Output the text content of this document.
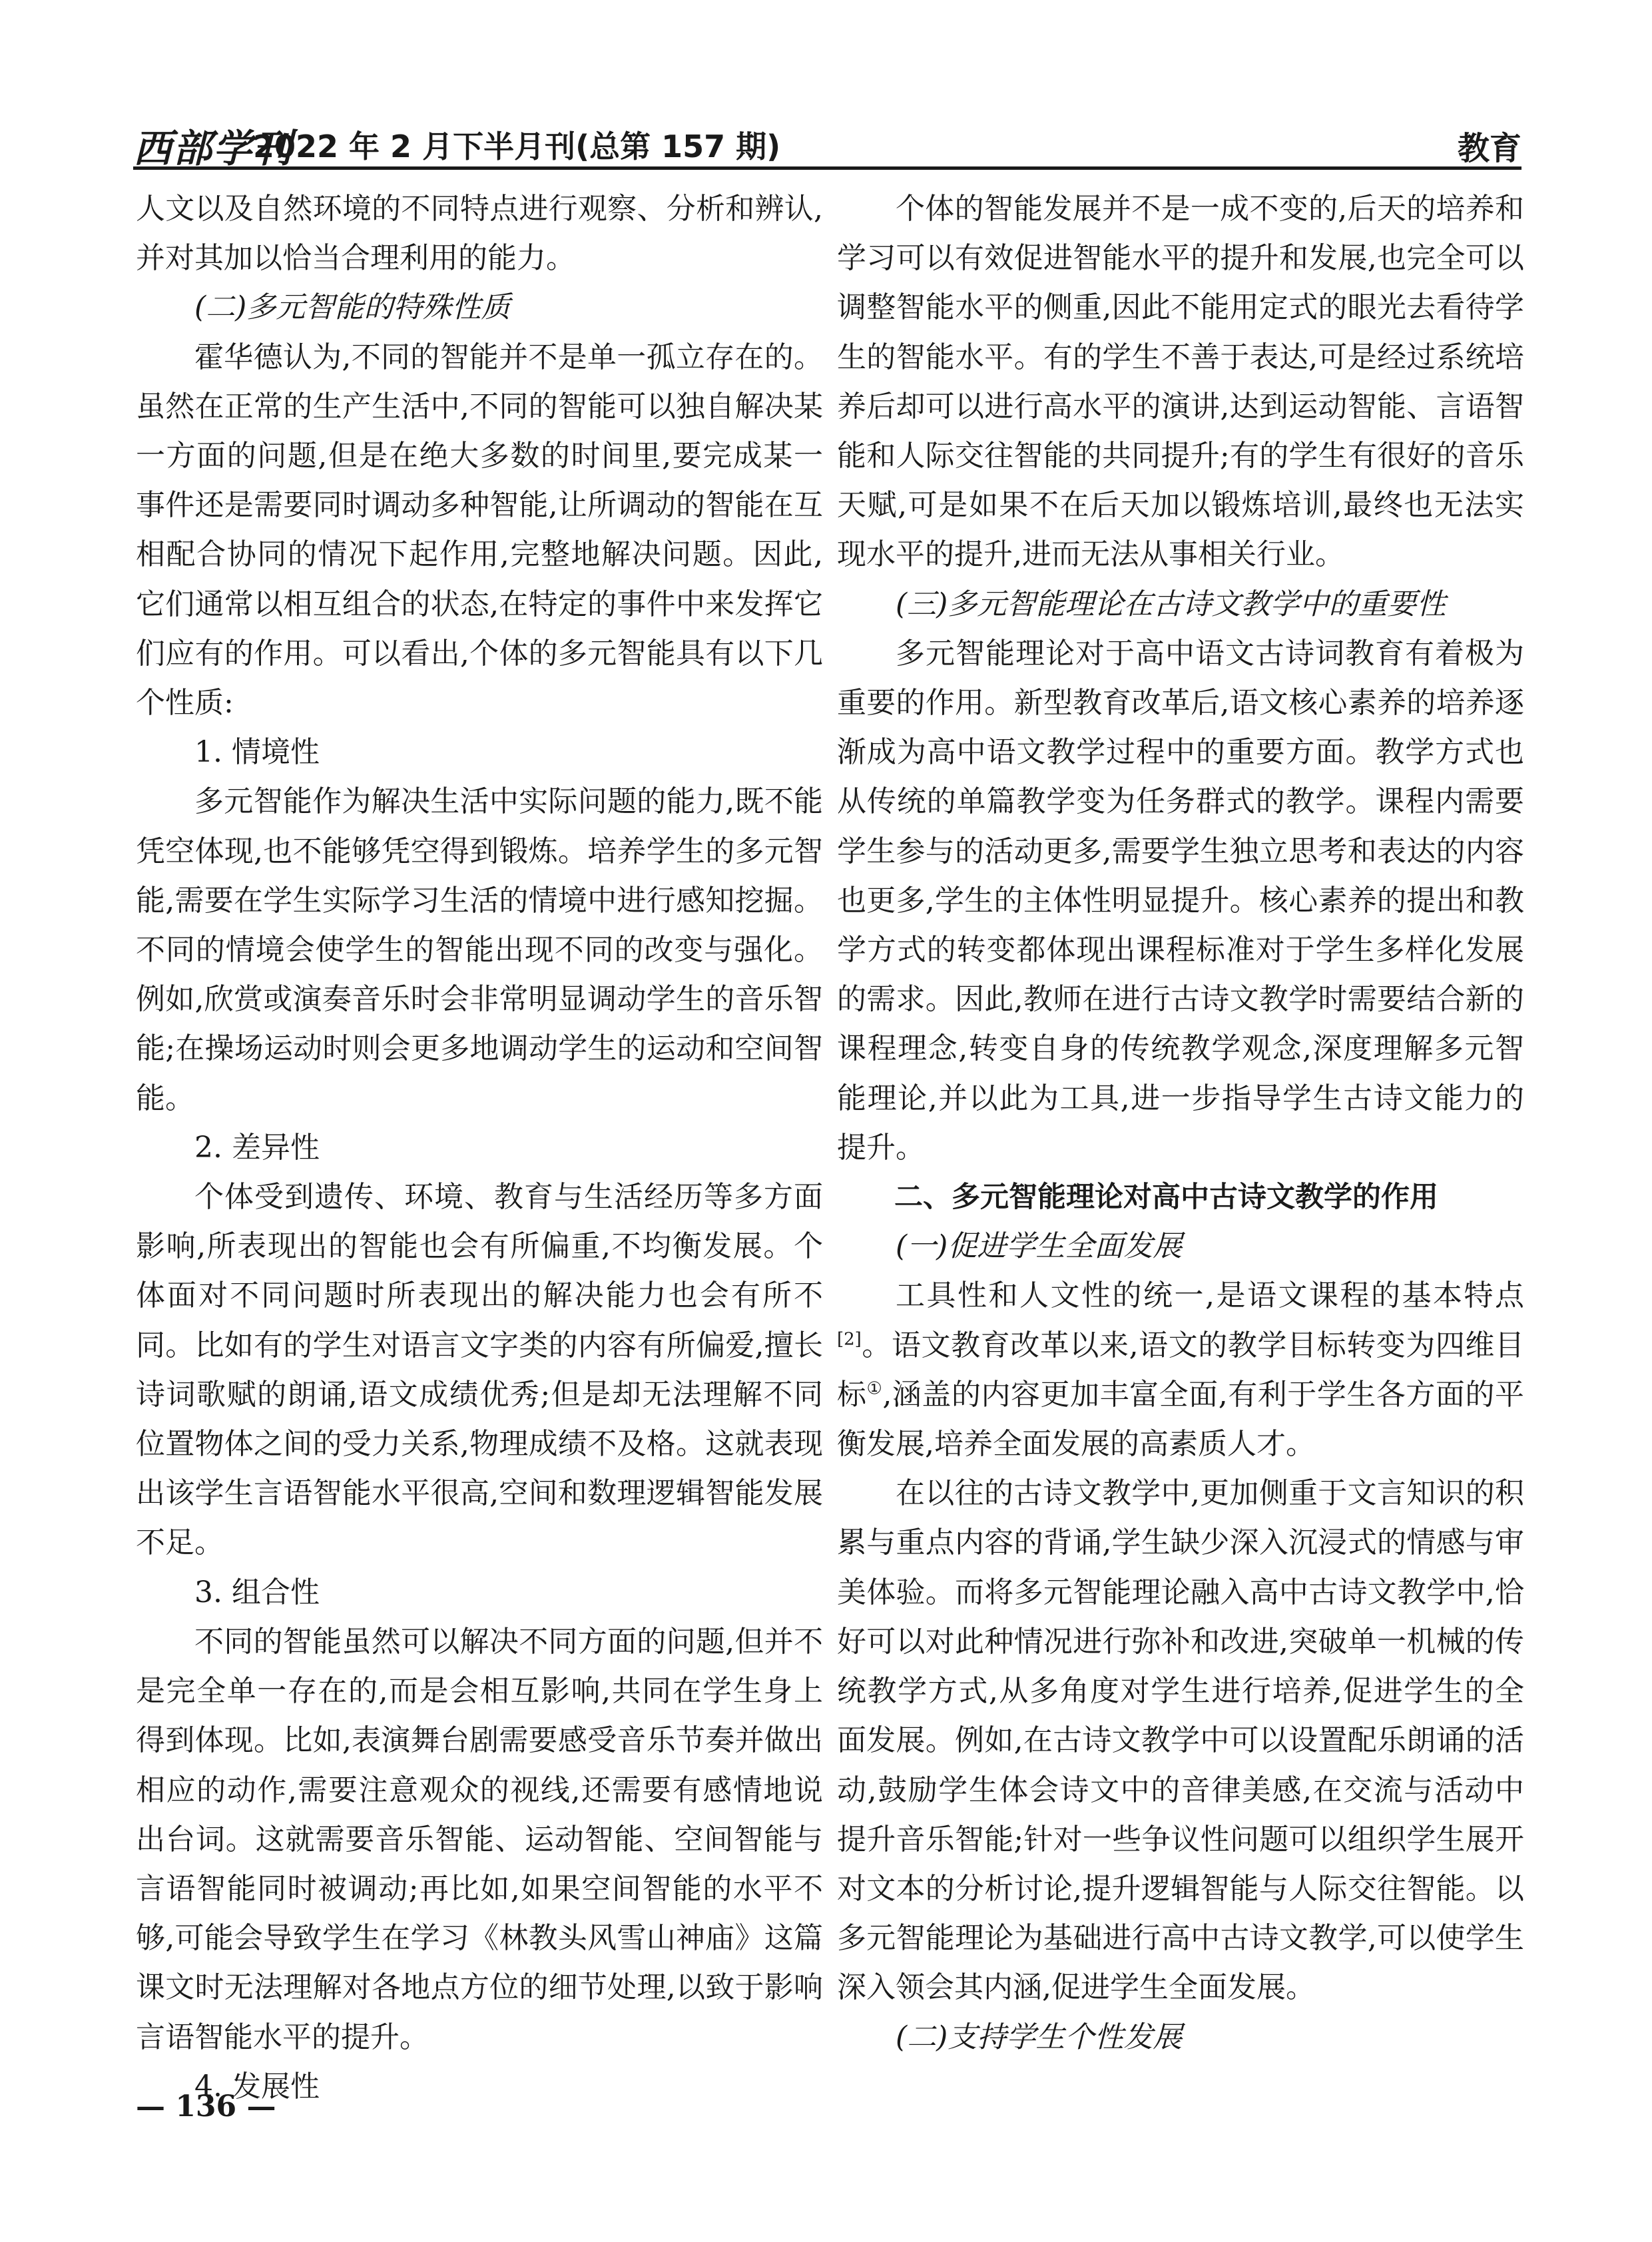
西部学刊
2022 年 2 月下半月刊(总第 157 期)	教育

人文以及自然环境的不同特点进行观察、分析和辨认,并对其加以恰当合理利用的能力。

(二)多元智能的特殊性质

霍华德认为,不同的智能并不是单一孤立存在的。虽然在正常的生产生活中,不同的智能可以独自解决某一方面的问题,但是在绝大多数的时间里,要完成某一事件还是需要同时调动多种智能,让所调动的智能在互相配合协同的情况下起作用,完整地解决问题。因此,它们通常以相互组合的状态,在特定的事件中来发挥它们应有的作用。可以看出,个体的多元智能具有以下几个性质:

1. 情境性

多元智能作为解决生活中实际问题的能力,既不能凭空体现,也不能够凭空得到锻炼。培养学生的多元智能,需要在学生实际学习生活的情境中进行感知挖掘。不同的情境会使学生的智能出现不同的改变与强化。例如,欣赏或演奏音乐时会非常明显调动学生的音乐智能;在操场运动时则会更多地调动学生的运动和空间智能。

2. 差异性

个体受到遗传、环境、教育与生活经历等多方面影响,所表现出的智能也会有所偏重,不均衡发展。个体面对不同问题时所表现出的解决能力也会有所不同。比如有的学生对语言文字类的内容有所偏爱,擅长诗词歌赋的朗诵,语文成绩优秀;但是却无法理解不同位置物体之间的受力关系,物理成绩不及格。这就表现出该学生言语智能水平很高,空间和数理逻辑智能发展不足。

3. 组合性

不同的智能虽然可以解决不同方面的问题,但并不是完全单一存在的,而是会相互影响,共同在学生身上得到体现。比如,表演舞台剧需要感受音乐节奏并做出相应的动作,需要注意观众的视线,还需要有感情地说出台词。这就需要音乐智能、运动智能、空间智能与言语智能同时被调动;再比如,如果空间智能的水平不够,可能会导致学生在学习《林教头风雪山神庙》这篇课文时无法理解对各地点方位的细节处理,以致于影响言语智能水平的提升。

4. 发展性

个体的智能发展并不是一成不变的,后天的培养和学习可以有效促进智能水平的提升和发展,也完全可以调整智能水平的侧重,因此不能用定式的眼光去看待学生的智能水平。有的学生不善于表达,可是经过系统培养后却可以进行高水平的演讲,达到运动智能、言语智能和人际交往智能的共同提升;有的学生有很好的音乐天赋,可是如果不在后天加以锻炼培训,最终也无法实现水平的提升,进而无法从事相关行业。

(三)多元智能理论在古诗文教学中的重要性

多元智能理论对于高中语文古诗词教育有着极为重要的作用。新型教育改革后,语文核心素养的培养逐渐成为高中语文教学过程中的重要方面。教学方式也从传统的单篇教学变为任务群式的教学。课程内需要学生参与的活动更多,需要学生独立思考和表达的内容也更多,学生的主体性明显提升。核心素养的提出和教学方式的转变都体现出课程标准对于学生多样化发展的需求。因此,教师在进行古诗文教学时需要结合新的课程理念,转变自身的传统教学观念,深度理解多元智能理论,并以此为工具,进一步指导学生古诗文能力的提升。

二、多元智能理论对高中古诗文教学的作用

(一)促进学生全面发展

工具性和人文性的统一,是语文课程的基本特点[2]。语文教育改革以来,语文的教学目标转变为四维目标①,涵盖的内容更加丰富全面,有利于学生各方面的平衡发展,培养全面发展的高素质人才。

在以往的古诗文教学中,更加侧重于文言知识的积累与重点内容的背诵,学生缺少深入沉浸式的情感与审美体验。而将多元智能理论融入高中古诗文教学中,恰好可以对此种情况进行弥补和改进,突破单一机械的传统教学方式,从多角度对学生进行培养,促进学生的全面发展。例如,在古诗文教学中可以设置配乐朗诵的活动,鼓励学生体会诗文中的音律美感,在交流与活动中提升音乐智能;针对一些争议性问题可以组织学生展开对文本的分析讨论,提升逻辑智能与人际交往智能。以多元智能理论为基础进行高中古诗文教学,可以使学生深入领会其内涵,促进学生全面发展。

(二)支持学生个性发展

— 136 —
